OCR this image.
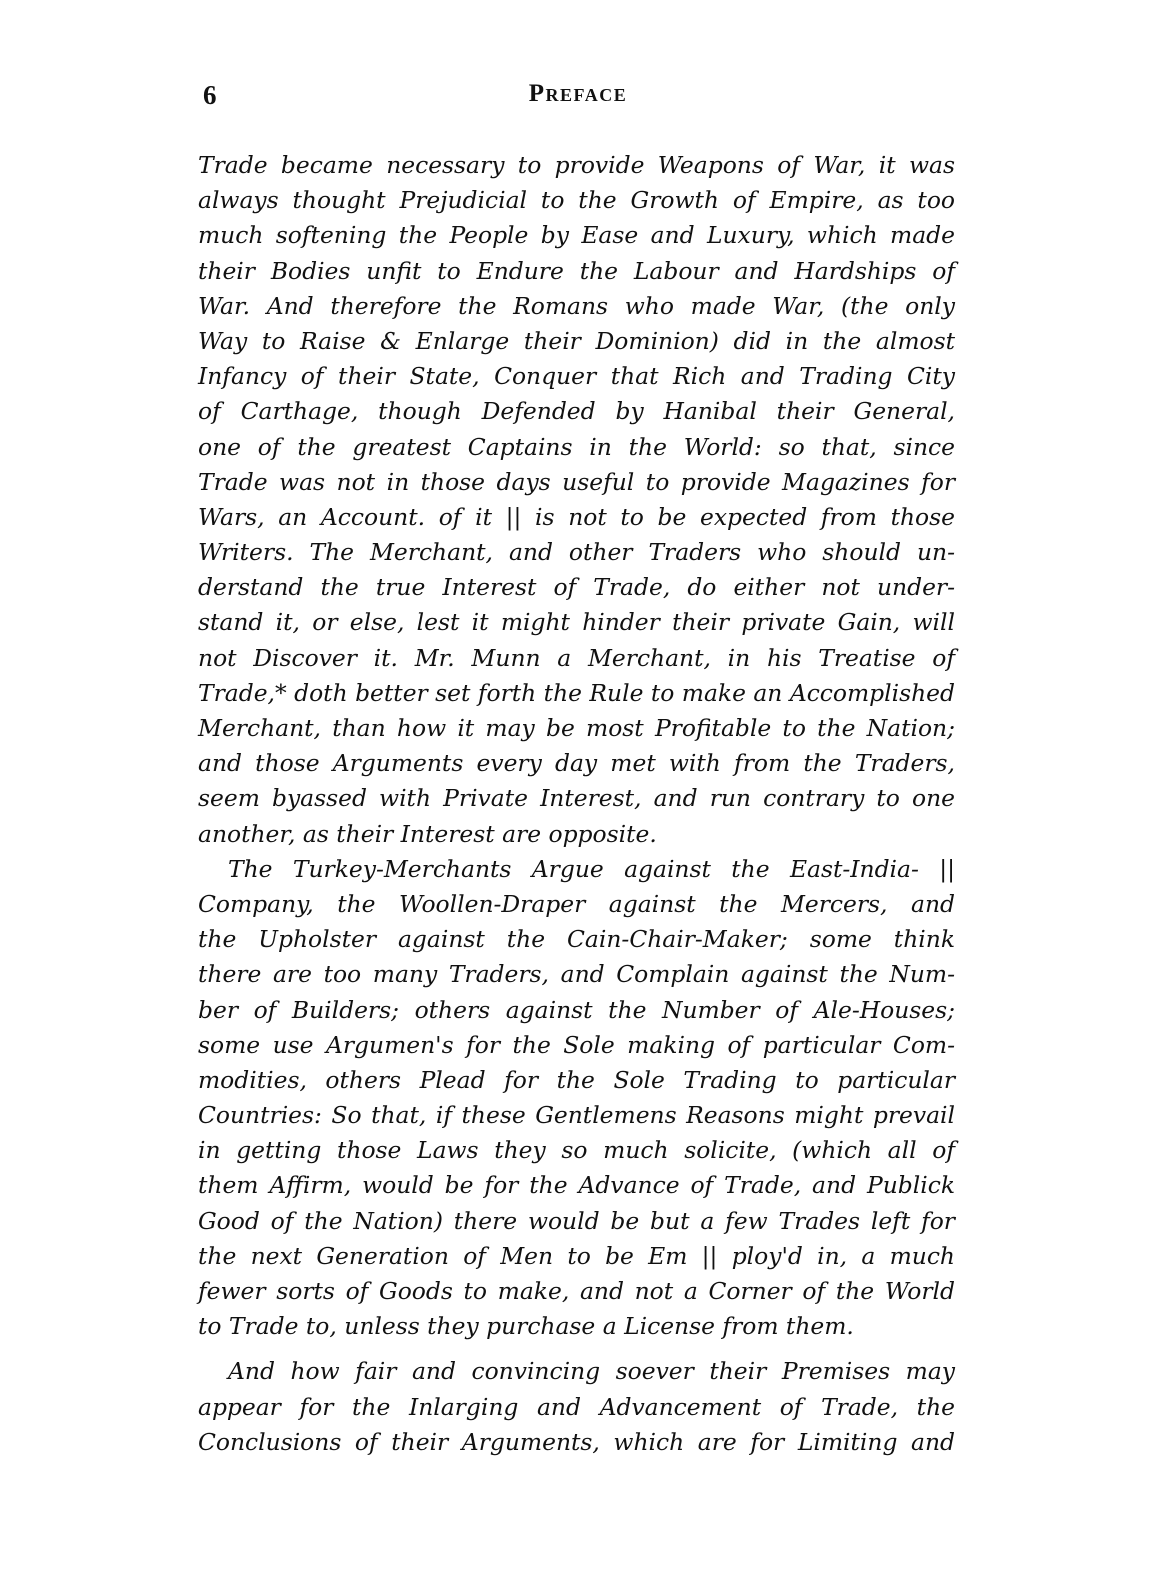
6	Preface
Trade became necessary to provide Weapons of War, it was
always thought Prejudicial to the Growth of Empire, as too
much softening the People by Ease and Luxury, which made
their Bodies unfit to Endure the Labour and Hardships of
War. And therefore the Romans who made War, (the only
Way to Raise & Enlarge their Dominion) did in the almost
Infancy of their State, Conquer that Rich and Trading City
of Carthage, though Defended by Hanibal their General,
one of the greatest Captains in the World: so that, since
Trade was not in those days useful to provide Magazines for
Wars, an Account. of it || is not to be expected from those
Writers. The Merchant, and other Traders who should un-
derstand the true Interest of Trade, do either not under-
stand it, or else, lest it might hinder their private Gain, will
not Discover it. Mr. Munn a Merchant, in his Treatise of
Trade,* doth better set forth the Rule to make an Accomplished
Merchant, than how it may be most Profitable to the Nation;
and those Arguments every day met with from the Traders,
seem byassed with Private Interest, and run contrary to one
another, as their Interest are opposite.
The Turkey-Merchants Argue against the East-India- ||
Company, the Woollen-Draper against the Mercers, and
the Upholster against the Cain-Chair-Maker; some think
there are too many Traders, and Complain against the Num-
ber of Builders; others against the Number of Ale-Houses;
some use Argumen's for the Sole making of particular Com-
modities, others Plead for the Sole Trading to particular
Countries: So that, if these Gentlemens Reasons might prevail
in getting those Laws they so much solicite, (which all of
them Affirm, would be for the Advance of Trade, and Publick
Good of the Nation) there would be but a few Trades left for
the next Generation of Men to be Em || ploy'd in, a much
fewer sorts of Goods to make, and not a Corner of the World
to Trade to, unless they purchase a License from them.
And how fair and convincing soever their Premises may
appear for the Inlarging and Advancement of Trade, the
Conclusions of their Arguments, which are for Limiting and
